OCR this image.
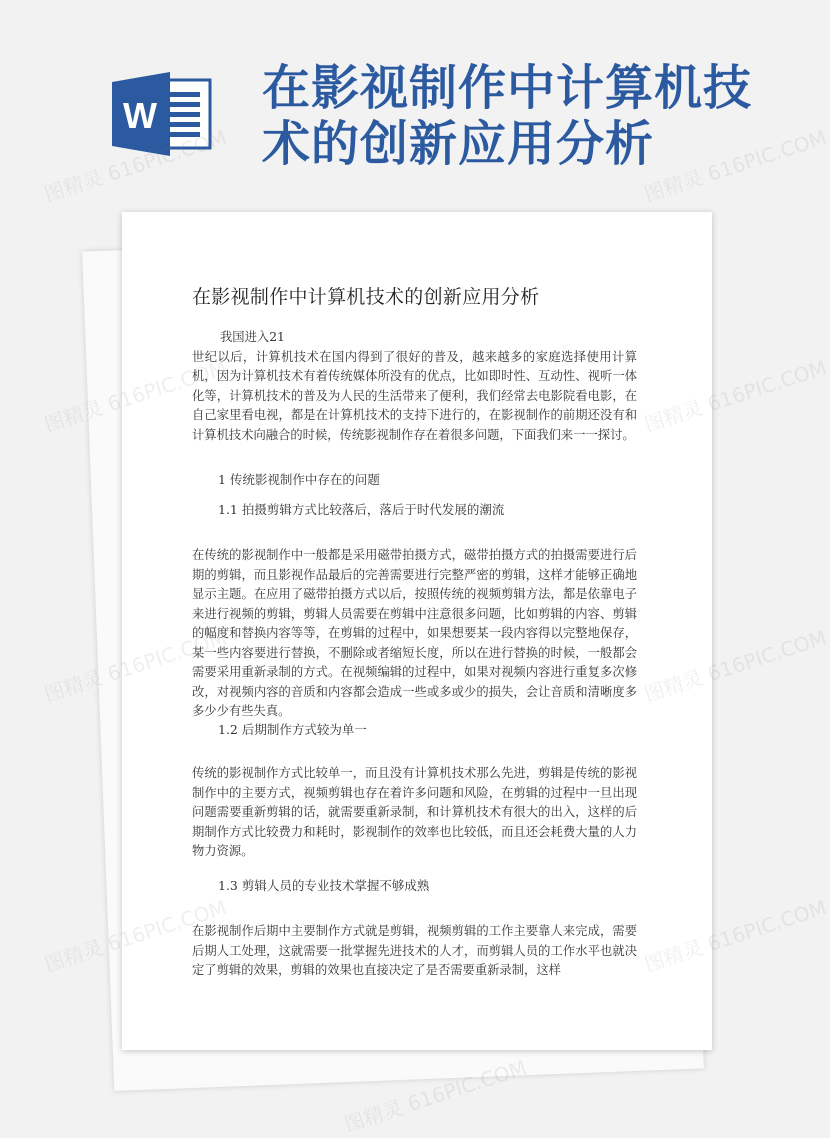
W 在影视制作中计算机技
术的创新应用分析
在影视制作中计算机技术的创新应用分析
我国进入21
世纪以后，计算机技术在国内得到了很好的普及，越来越多的家庭选择使用计算机，因为计算机技术有着传统媒体所没有的优点，比如即时性、互动性、视听一体化等，计算机技术的普及为人民的生活带来了便利，我们经常去电影院看电影，在自己家里看电视，都是在计算机技术的支持下进行的，在影视制作的前期还没有和计算机技术向融合的时候，传统影视制作存在着很多问题，下面我们来一一探讨。
1 传统影视制作中存在的问题
1.1 拍摄剪辑方式比较落后，落后于时代发展的潮流
在传统的影视制作中一般都是采用磁带拍摄方式，磁带拍摄方式的拍摄需要进行后期的剪辑，而且影视作品最后的完善需要进行完整严密的剪辑，这样才能够正确地显示主题。在应用了磁带拍摄方式以后，按照传统的视频剪辑方法，都是依靠电子来进行视频的剪辑，剪辑人员需要在剪辑中注意很多问题，比如剪辑的内容、剪辑的幅度和替换内容等等，在剪辑的过程中，如果想要某一段内容得以完整地保存，某一些内容要进行替换，不删除或者缩短长度，所以在进行替换的时候，一般都会需要采用重新录制的方式。在视频编辑的过程中，如果对视频内容进行重复多次修改，对视频内容的音质和内容都会造成一些或多或少的损失，会让音质和清晰度多多少少有些失真。
1.2 后期制作方式较为单一
传统的影视制作方式比较单一，而且没有计算机技术那么先进，剪辑是传统的影视制作中的主要方式，视频剪辑也存在着许多问题和风险，在剪辑的过程中一旦出现问题需要重新剪辑的话，就需要重新录制，和计算机技术有很大的出入，这样的后期制作方式比较费力和耗时，影视制作的效率也比较低，而且还会耗费大量的人力物力资源。
1.3 剪辑人员的专业技术掌握不够成熟
在影视制作后期中主要制作方式就是剪辑，视频剪辑的工作主要靠人来完成，需要后期人工处理，这就需要一批掌握先进技术的人才，而剪辑人员的工作水平也就决定了剪辑的效果，剪辑的效果也直接决定了是否需要重新录制，这样
图精灵 616PIC.COM	图精灵 616PIC.COM
图精灵	图精灵 616PIC.COM
图精灵	图精灵 616PIC.COM
图精灵	图精灵 616PIC.COM
图精灵 616PIC.COM
